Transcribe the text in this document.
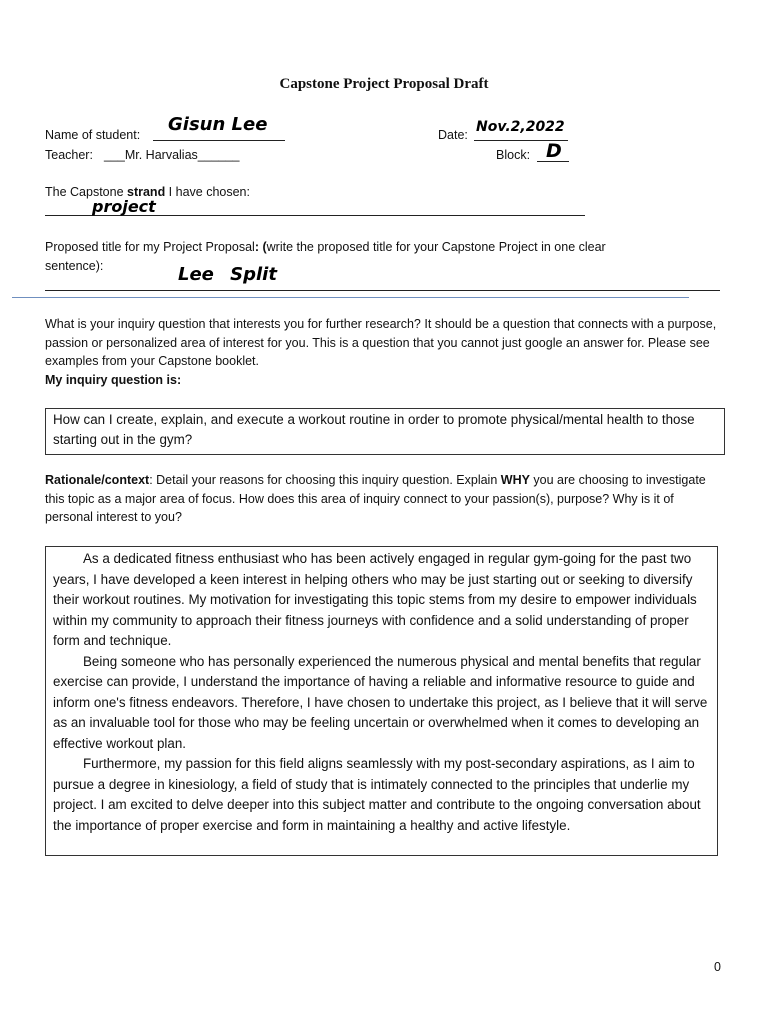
Capstone Project Proposal Draft
Name of student: Gisun Lee	Date: Nov.2,2022
Teacher: ___Mr. Harvalias______	Block: D
The Capstone strand I have chosen:
project
Proposed title for my Project Proposal: (write the proposed title for your Capstone Project in one clear
sentence):	Lee Split
What is your inquiry question that interests you for further research? It should be a question that connects with a purpose, passion or personalized area of interest for you. This is a question that you cannot just google an answer for. Please see examples from your Capstone booklet.
My inquiry question is:

How can I create, explain, and execute a workout routine in order to promote physical/mental health to those starting out in the gym?

Rationale/context: Detail your reasons for choosing this inquiry question. Explain WHY you are choosing to investigate this topic as a major area of focus. How does this area of inquiry connect to your passion(s), purpose? Why is it of personal interest to you?

As a dedicated fitness enthusiast who has been actively engaged in regular gym-going for the past two years, I have developed a keen interest in helping others who may be just starting out or seeking to diversify their workout routines. My motivation for investigating this topic stems from my desire to empower individuals within my community to approach their fitness journeys with confidence and a solid understanding of proper form and technique.

Being someone who has personally experienced the numerous physical and mental benefits that regular exercise can provide, I understand the importance of having a reliable and informative resource to guide and inform one's fitness endeavors. Therefore, I have chosen to undertake this project, as I believe that it will serve as an invaluable tool for those who may be feeling uncertain or overwhelmed when it comes to developing an effective workout plan.

Furthermore, my passion for this field aligns seamlessly with my post-secondary aspirations, as I aim to pursue a degree in kinesiology, a field of study that is intimately connected to the principles that underlie my project. I am excited to delve deeper into this subject matter and contribute to the ongoing conversation about the importance of proper exercise and form in maintaining a healthy and active lifestyle.

0
